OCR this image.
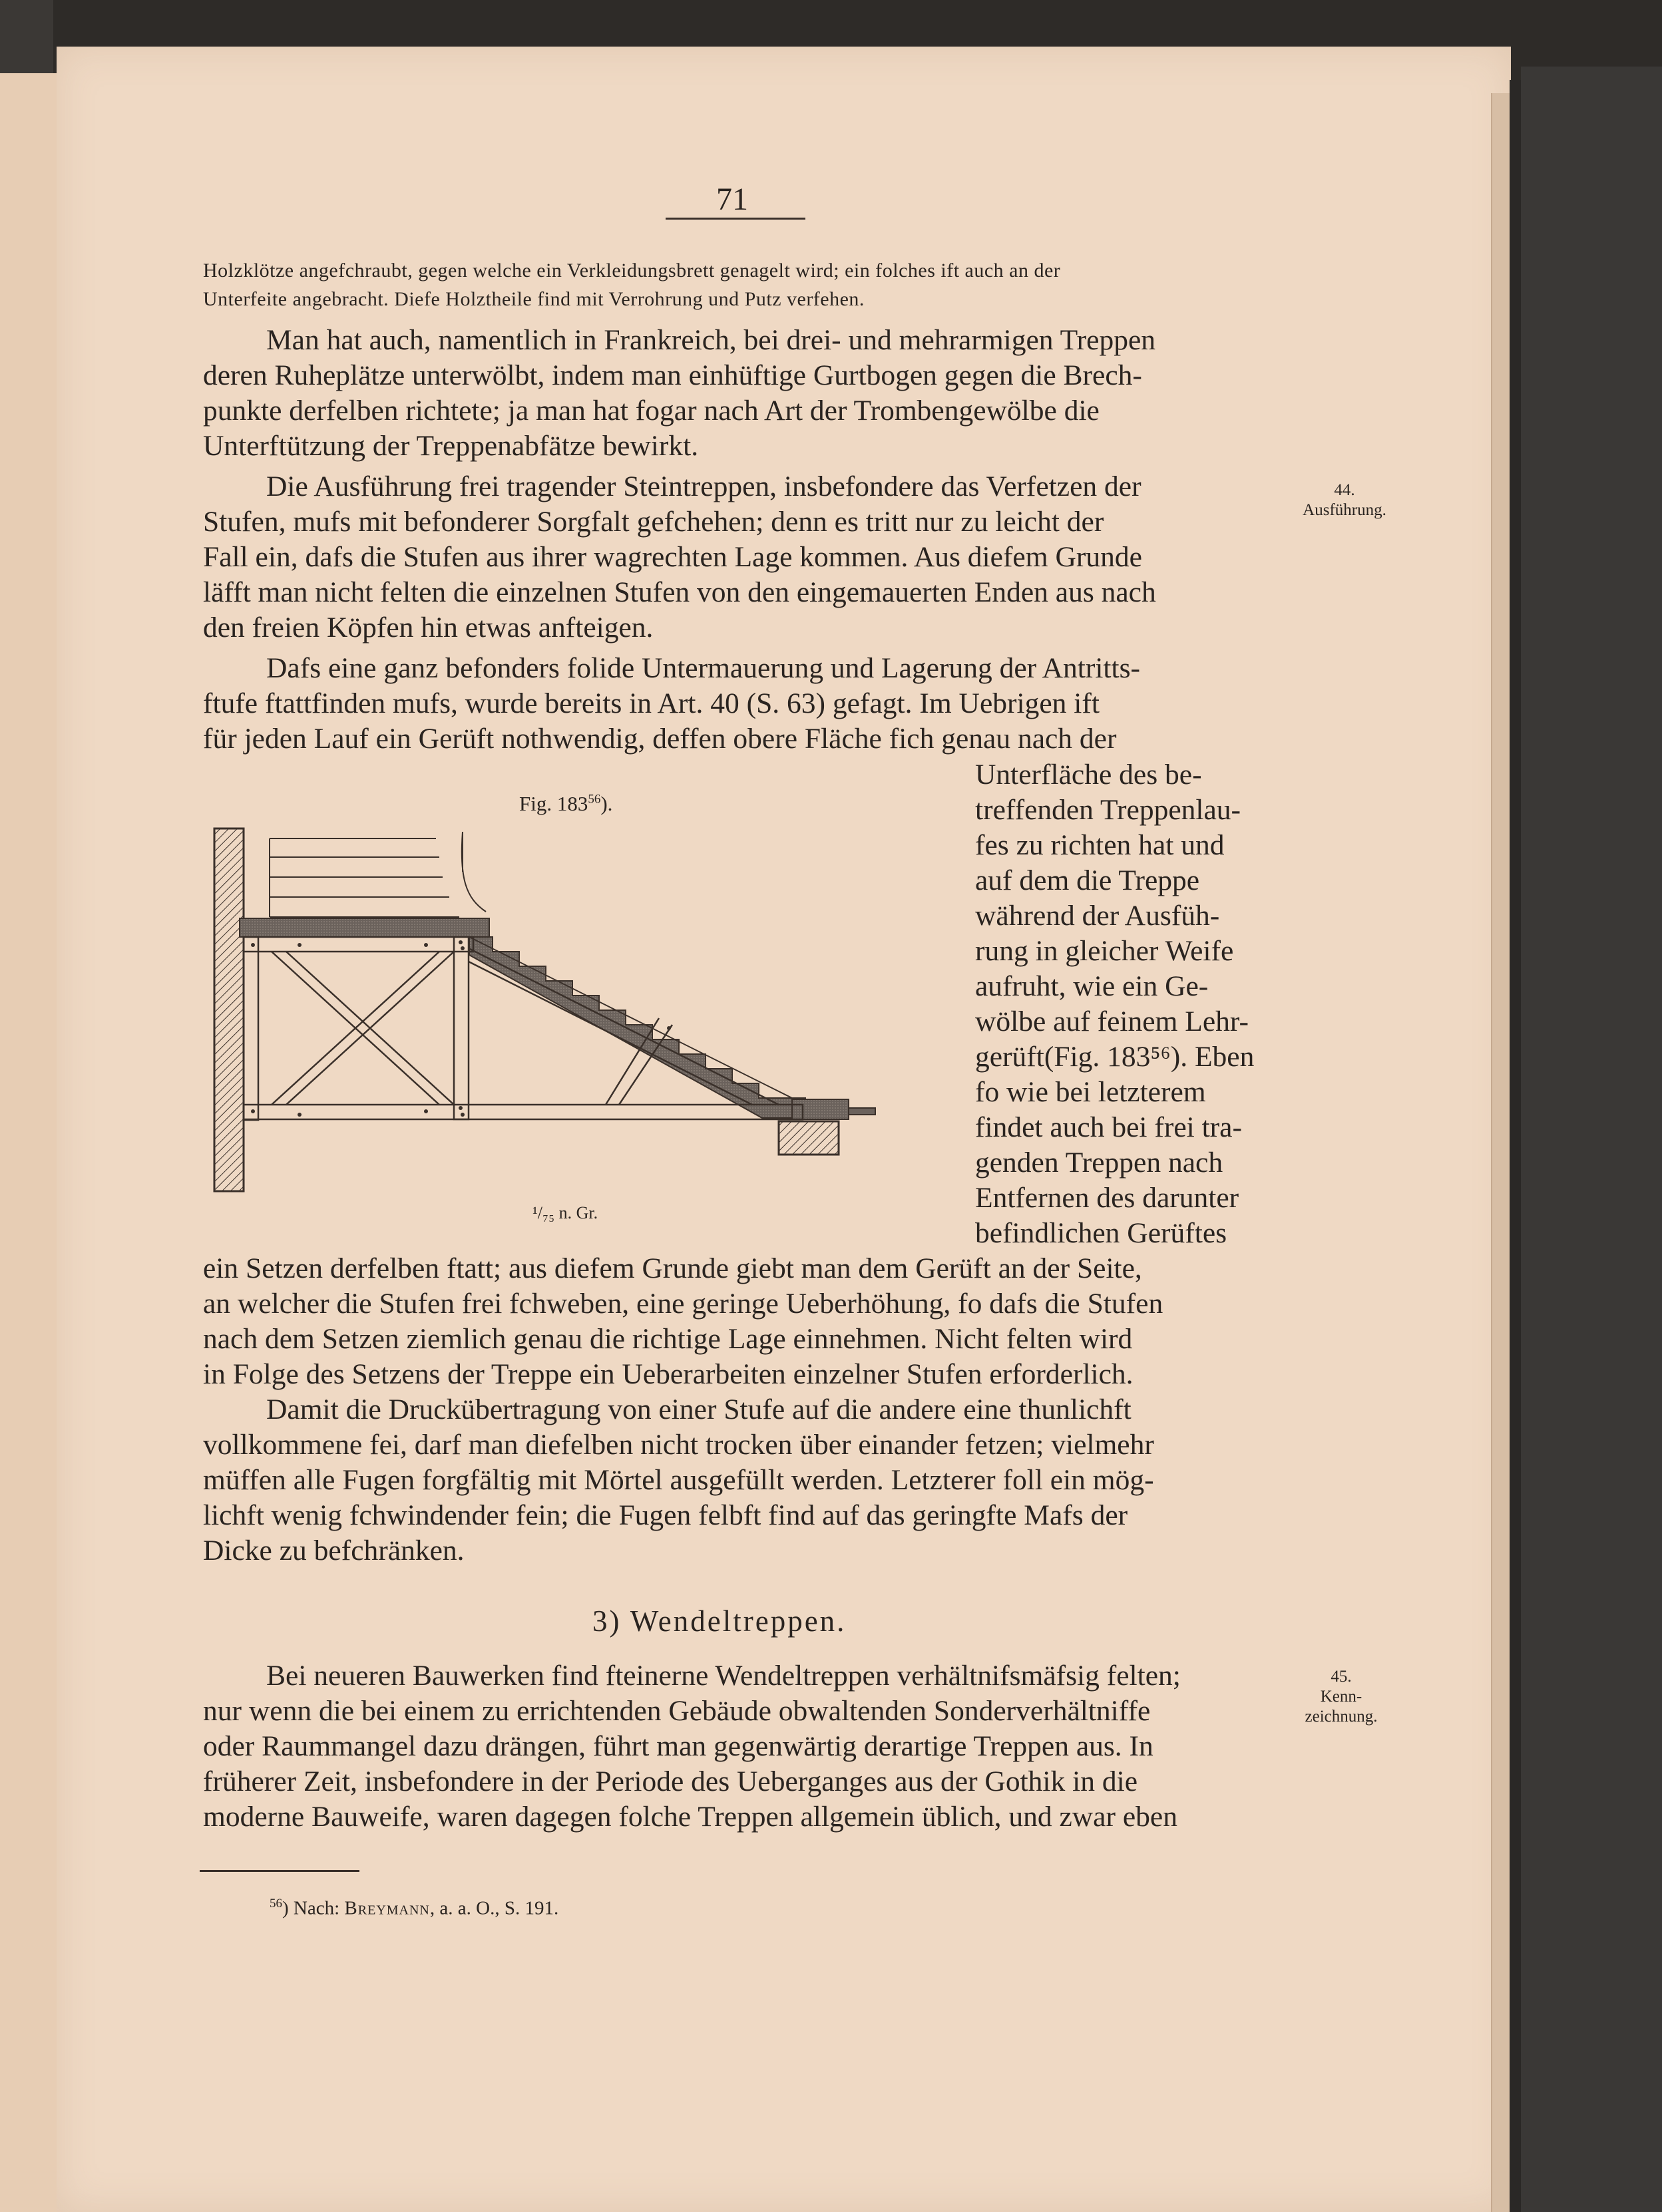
71
Holzklötze angefchraubt, gegen welche ein Verkleidungsbrett genagelt wird; ein folches ift auch an der
Unterfeite angebracht. Diefe Holztheile find mit Verrohrung und Putz verfehen.
Man hat auch, namentlich in Frankreich, bei drei- und mehrarmigen Treppen
deren Ruheplätze unterwölbt, indem man einhüftige Gurtbogen gegen die Brech-
punkte derfelben richtete; ja man hat fogar nach Art der Trombengewölbe die
Unterftützung der Treppenabfätze bewirkt.
44.
Ausführung.
Die Ausführung frei tragender Steintreppen, insbefondere das Verfetzen der
Stufen, mufs mit befonderer Sorgfalt gefchehen; denn es tritt nur zu leicht der
Fall ein, dafs die Stufen aus ihrer wagrechten Lage kommen. Aus diefem Grunde
läfft man nicht felten die einzelnen Stufen von den eingemauerten Enden aus nach
den freien Köpfen hin etwas anfteigen.
Dafs eine ganz befonders folide Untermauerung und Lagerung der Antritts-
ftufe ftattfinden mufs, wurde bereits in Art. 40 (S. 63) gefagt. Im Uebrigen ift
für jeden Lauf ein Gerüft nothwendig, deffen obere Fläche fich genau nach der
Unterfläche des be-
treffenden Treppenlau-
fes zu richten hat und
auf dem die Treppe
während der Ausfüh-
rung in gleicher Weife
aufruht, wie ein Ge-
wölbe auf feinem Lehr-
gerüft(Fig. 183⁵⁶). Eben
fo wie bei letzterem
findet auch bei frei tra-
genden Treppen nach
Entfernen des darunter
befindlichen Gerüftes
Fig. $183^{56}$).
¹/₇₅ n. Gr.
ein Setzen derfelben ftatt; aus diefem Grunde giebt man dem Gerüft an der Seite,
an welcher die Stufen frei fchweben, eine geringe Ueberhöhung, fo dafs die Stufen
nach dem Setzen ziemlich genau die richtige Lage einnehmen. Nicht felten wird
in Folge des Setzens der Treppe ein Ueberarbeiten einzelner Stufen erforderlich.
Damit die Druckübertragung von einer Stufe auf die andere eine thunlichft
vollkommene fei, darf man diefelben nicht trocken über einander fetzen; vielmehr
müffen alle Fugen forgfältig mit Mörtel ausgefüllt werden. Letzterer foll ein mög-
lichft wenig fchwindender fein; die Fugen felbft find auf das geringfte Mafs der
Dicke zu befchränken.
3) Wendeltreppen.
45.
Kenn-
zeichnung.
Bei neueren Bauwerken find fteinerne Wendeltreppen verhältnifsmäfsig felten;
nur wenn die bei einem zu errichtenden Gebäude obwaltenden Sonderverhältniffe
oder Raummangel dazu drängen, führt man gegenwärtig derartige Treppen aus. In
früherer Zeit, insbefondere in der Periode des Ueberganges aus der Gothik in die
moderne Bauweife, waren dagegen folche Treppen allgemein üblich, und zwar eben
$^{56}$) Nach: Breymann, a. a. O., S. 191.
